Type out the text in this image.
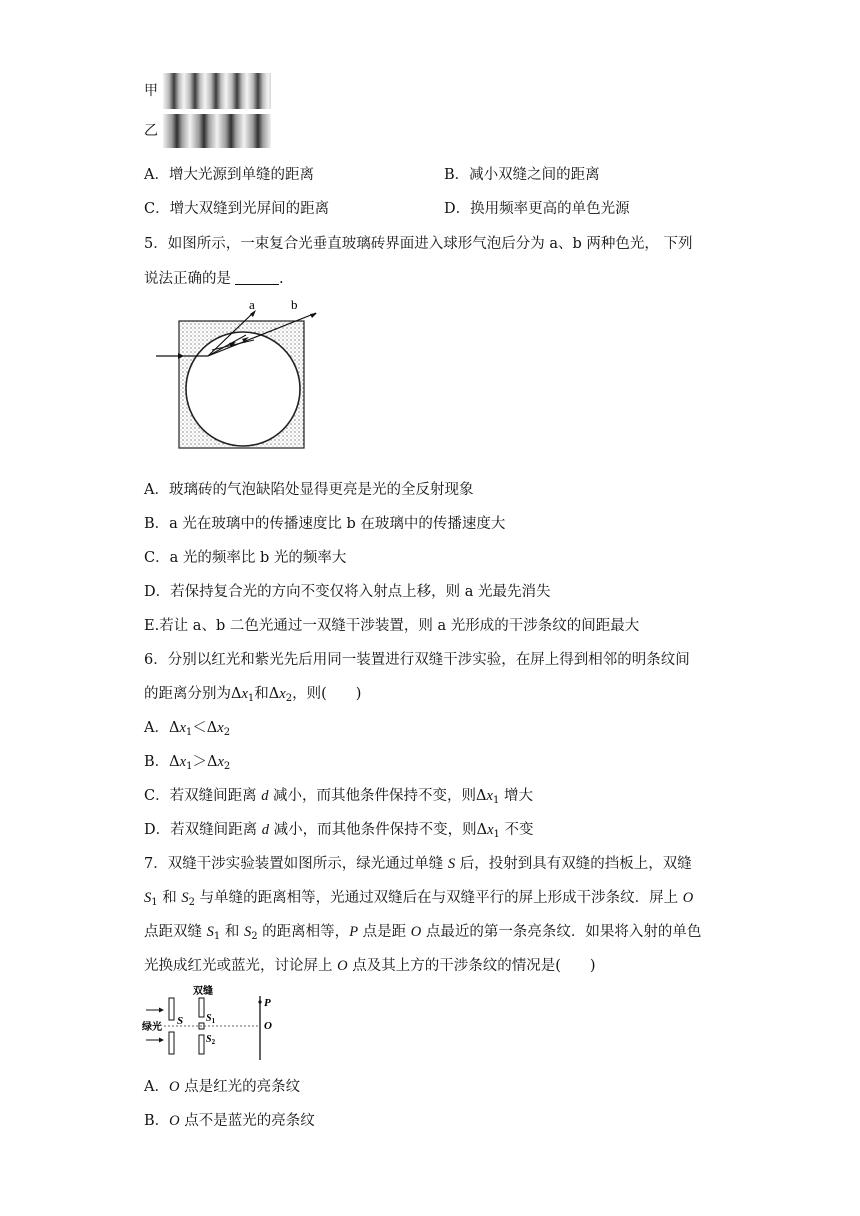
甲
乙
A．增大光源到单缝的距离	B．减小双缝之间的距离
C．增大双缝到光屏间的距离	D．换用频率更高的单色光源
5．如图所示，一束复合光垂直玻璃砖界面进入球形气泡后分为 a、b 两种色光， 下列
说法正确的是	.
a	b
A．玻璃砖的气泡缺陷处显得更亮是光的全反射现象
B．a 光在玻璃中的传播速度比 b 在玻璃中的传播速度大
C．a 光的频率比 b 光的频率大
D．若保持复合光的方向不变仅将入射点上移，则 a 光最先消失
E.若让 a、b 二色光通过一双缝干涉装置，则 a 光形成的干涉条纹的间距最大
6．分别以红光和紫光先后用同一装置进行双缝干涉实验，在屏上得到相邻的明条纹间
的距离分别为$\Delta x_1$和$\Delta x_2$，则(　　)
A．$\Delta x_1<\Delta x_2$
B．$\Delta x_1>\Delta x_2$
C．若双缝间距离 d 减小，而其他条件保持不变，则$\Delta x_1$ 增大
D．若双缝间距离 d 减小，而其他条件保持不变，则$\Delta x_1$ 不变
7．双缝干涉实验装置如图所示，绿光通过单缝 S 后，投射到具有双缝的挡板上，双缝
$S_1$ 和 $S_2$ 与单缝的距离相等，光通过双缝后在与双缝平行的屏上形成干涉条纹．屏上 O
点距双缝 $S_1$ 和 $S_2$ 的距离相等，P 点是距 O 点最近的第一条亮条纹．如果将入射的单色
光换成红光或蓝光，讨论屏上 O 点及其上方的干涉条纹的情况是(　　)
双缝
绿光
S $S_1$
$S_2$
P
O
A．O 点是红光的亮条纹
B．O 点不是蓝光的亮条纹
